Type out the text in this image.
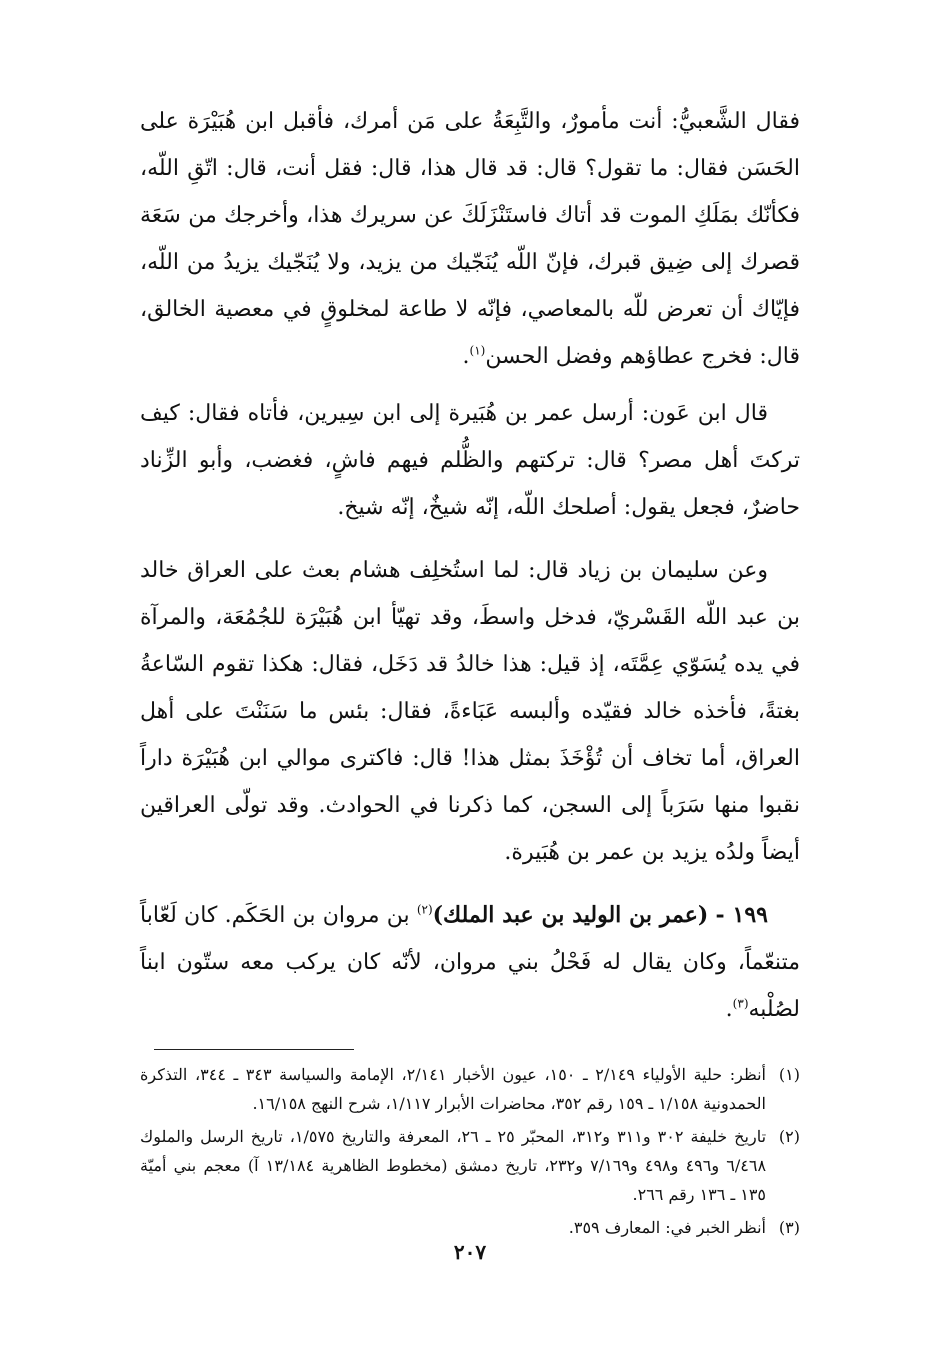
فقال الشَّعبيُّ: أنت مأمورٌ، والتَّبِعَةُ على مَن أمرك، فأقبل ابن هُبَيْرَة على الحَسَن فقال: ما تقول؟ قال: قد قال هذا، قال: فقل أنت، قال: اتّقِ اللّه، فكأنّك بمَلَكِ الموت قد أتاك فاستَنْزَلَكَ عن سريرك هذا، وأخرجك من سَعَة قصرك إلى ضِيق قبرك، فإنّ اللّه يُنَجّيك من يزيد، ولا يُنَجّيك يزيدُ من اللّه، فإيّاك أن تعرض للّه بالمعاصي، فإنّه لا طاعة لمخلوقٍ في معصية الخالق، قال: فخرج عطاؤهم وفضل الحسن$^{(١)}$.

قال ابن عَون: أرسل عمر بن هُبَيرة إلى ابن سِيرين، فأتاه فقال: كيف تركتَ أهل مصر؟ قال: تركتهم والظُّلم فيهم فاشٍ، فغضب، وأبو الزِّناد حاضرٌ، فجعل يقول: أصلحك اللّه، إنّه شيخٌ، إنّه شيخ.

وعن سليمان بن زياد قال: لما استُخلِف هشام بعث على العراق خالد بن عبد اللّه القَسْريّ، فدخل واسطَ، وقد تهيّأ ابن هُبَيْرَة للجُمُعَة، والمرآة في يده يُسَوّي عِمَّتَه، إذ قيل: هذا خالدُ قد دَخَل، فقال: هكذا تقوم السّاعةُ بغتةً، فأخذه خالد فقيّده وألبسه عَبَاءةً، فقال: بئس ما سَنَنْتَ على أهل العراق، أما تخاف أن تُؤْخَذَ بمثل هذا! قال: فاكترى موالي ابن هُبَيْرَة داراً نقبوا منها سَرَباً إلى السجن، كما ذكرنا في الحوادث. وقد تولّى العراقين أيضاً ولدُه يزيد بن عمر بن هُبَيرة.

١٩٩ - (عمر بن الوليد بن عبد الملك)$^{(٢)}$ بن مروان بن الحَكَم. كان لَعّاباً متنعّماً، وكان يقال له فَحْلُ بني مروان، لأنّه كان يركب معه ستّون ابناً لصُلْبه$^{(٣)}$.

(١)
أنظر: حلية الأولياء ٢/١٤٩ ـ ١٥٠، عيون الأخبار ٢/١٤١، الإمامة والسياسة ٣٤٣ ـ ٣٤٤، التذكرة الحمدونية ١/١٥٨ ـ ١٥٩ رقم ٣٥٢، محاضرات الأبرار ١/١١٧، شرح النهج ١٦/١٥٨.
(٢)
تاريخ خليفة ٣٠٢ و٣١١ و٣١٢، المحبّر ٢٥ ـ ٢٦، المعرفة والتاريخ ١/٥٧٥، تاريخ الرسل والملوك ٦/٤٦٨ و٤٩٦ و٤٩٨ و٧/١٦٩ و٢٣٢، تاريخ دمشق (مخطوط الظاهرية ١٣/١٨٤ آ) معجم بني أميّة ١٣٥ ـ ١٣٦ رقم ٢٦٦.
(٣)
أنظر الخبر في: المعارف ٣٥٩.
٢٠٧
